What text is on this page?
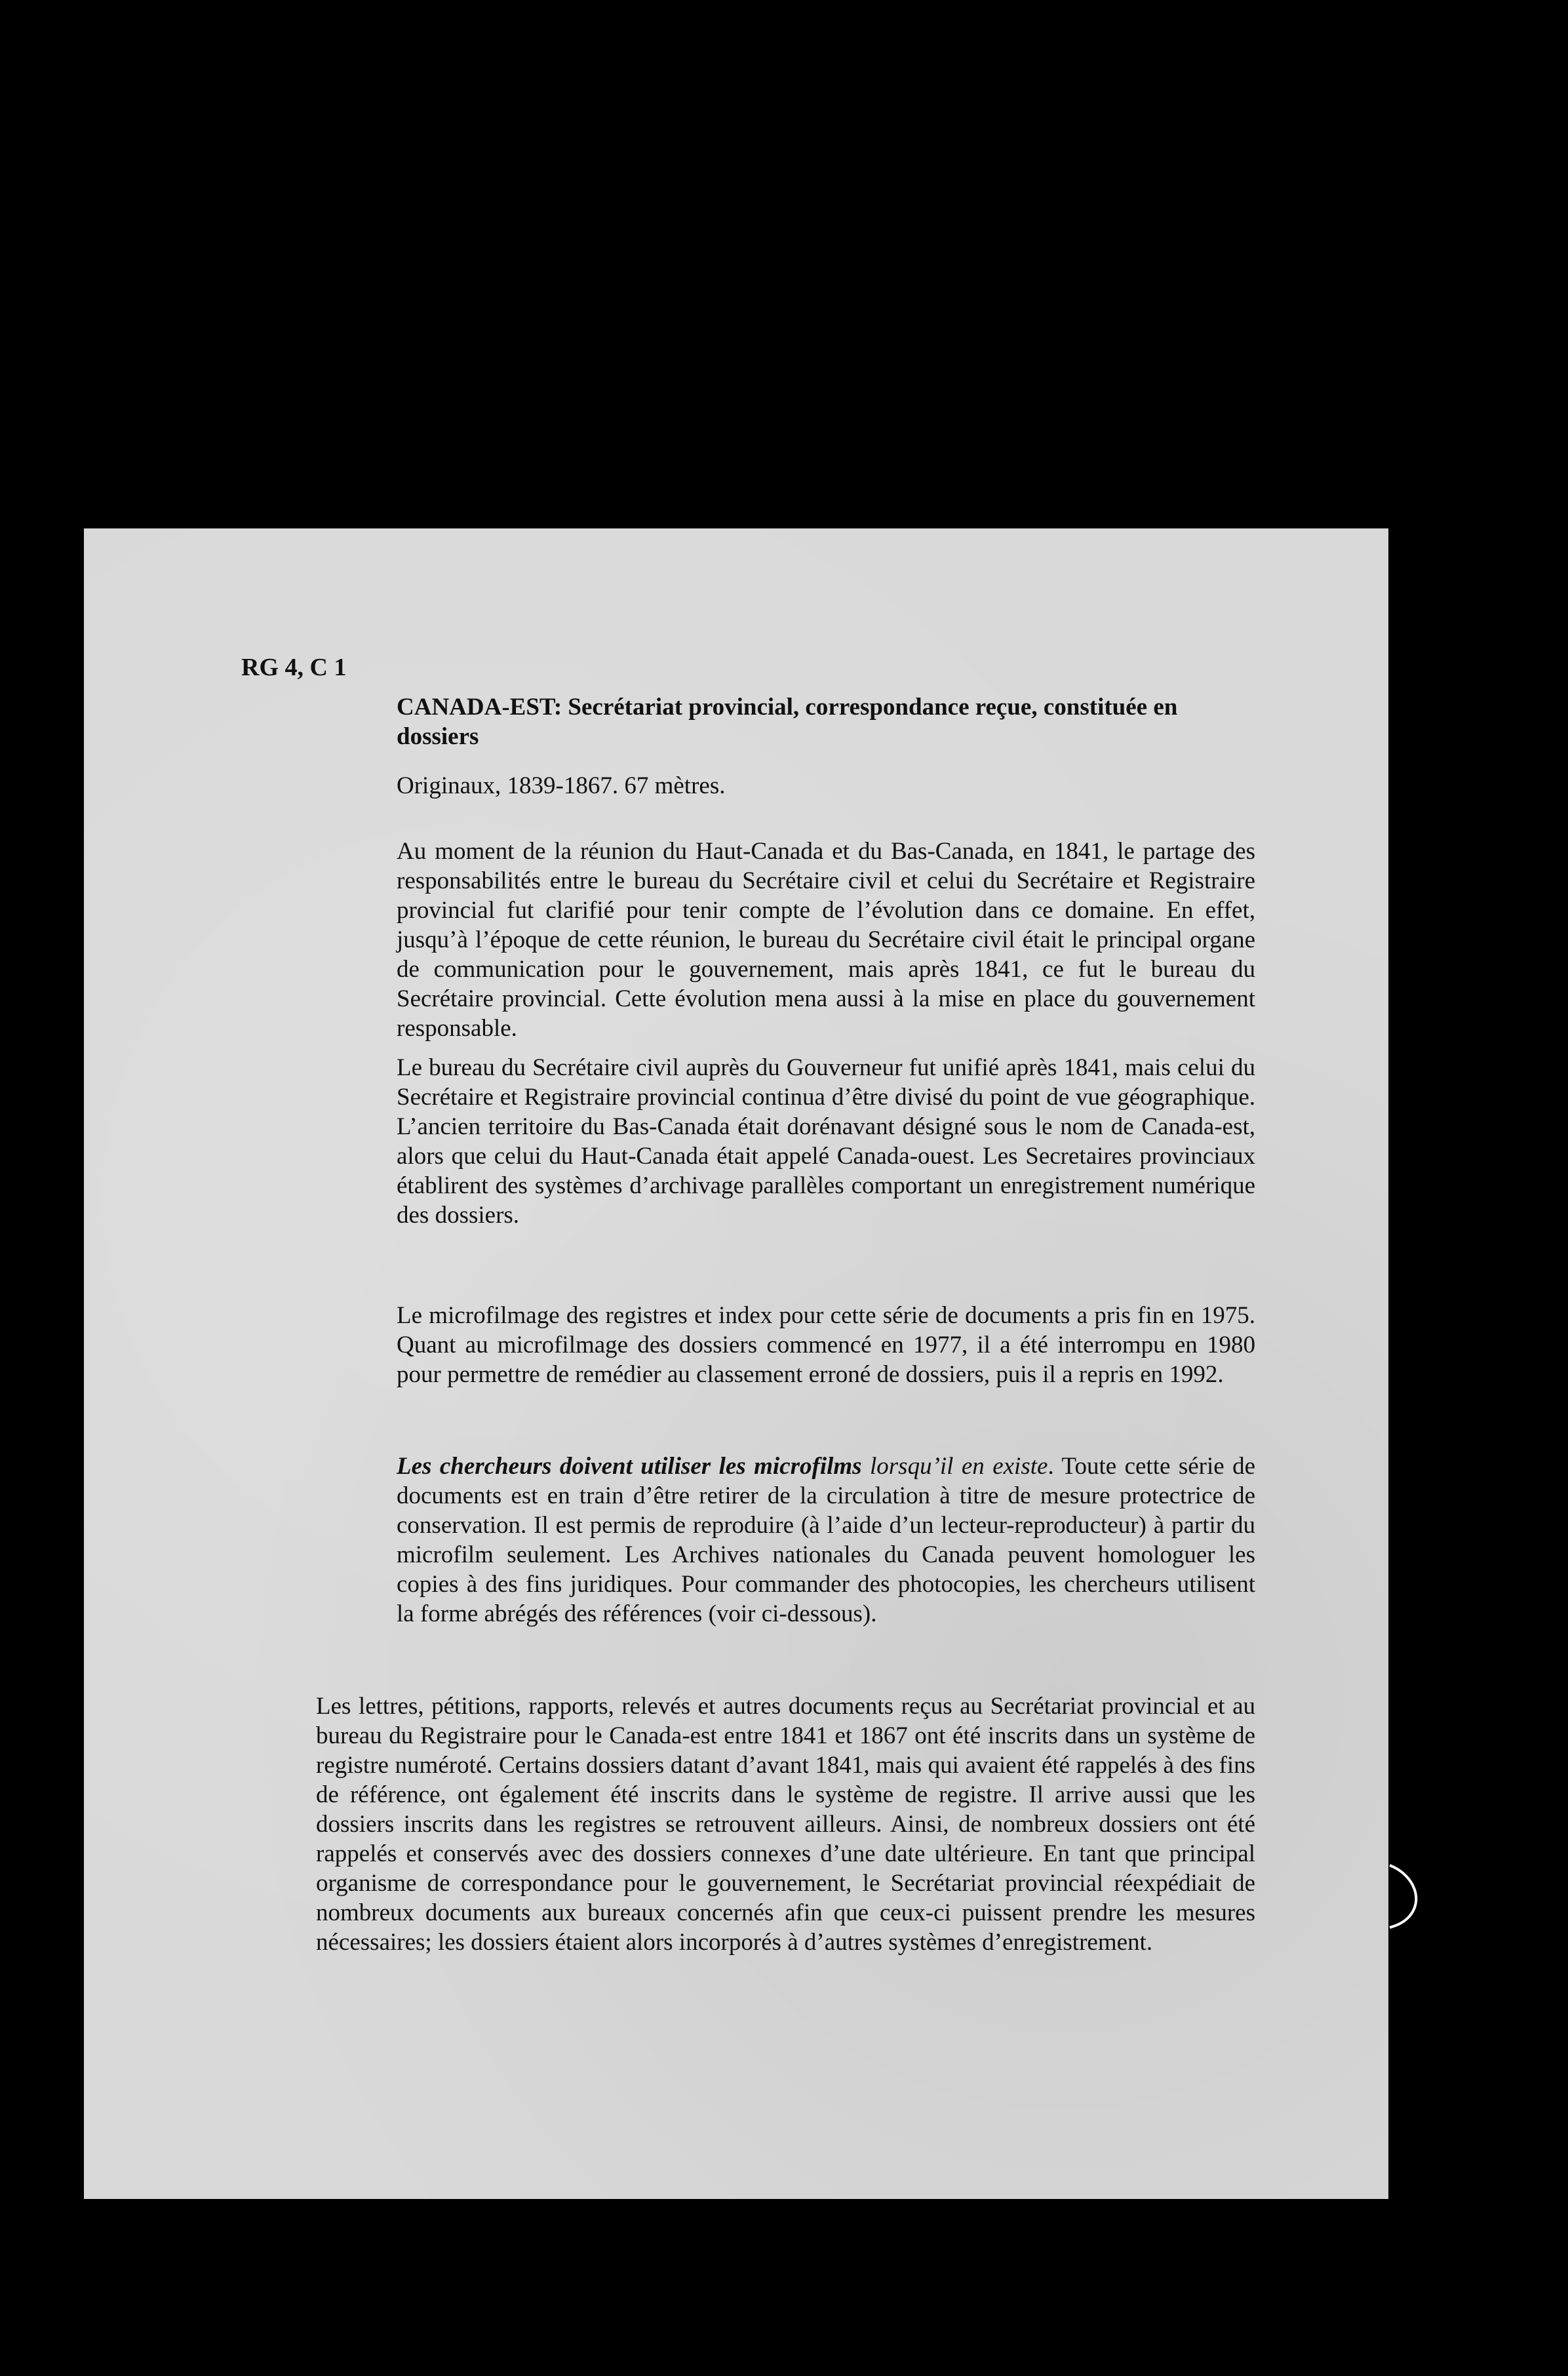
RG 4, C 1
CANADA-EST: Secrétariat provincial, correspondance reçue, constituée en dossiers
Originaux, 1839-1867. 67 mètres.
Au moment de la réunion du Haut-Canada et du Bas-Canada, en 1841, le partage des responsabilités entre le bureau du Secrétaire civil et celui du Secrétaire et Registraire provincial fut clarifié pour tenir compte de l’évolution dans ce domaine. En effet, jusqu’à l’époque de cette réunion, le bureau du Secrétaire civil était le principal organe de communication pour le gouvernement, mais après 1841, ce fut le bureau du Secrétaire provincial. Cette évolution mena aussi à la mise en place du gouvernement responsable.
Le bureau du Secrétaire civil auprès du Gouverneur fut unifié après 1841, mais celui du Secrétaire et Registraire provincial continua d’être divisé du point de vue géographique. L’ancien territoire du Bas-Canada était dorénavant désigné sous le nom de Canada-est, alors que celui du Haut-Canada était appelé Canada-ouest. Les Secretaires provinciaux établirent des systèmes d’archivage parallèles comportant un enregistrement numérique des dossiers.
Le microfilmage des registres et index pour cette série de documents a pris fin en 1975. Quant au microfilmage des dossiers commencé en 1977, il a été interrompu en 1980 pour permettre de remédier au classement erroné de dossiers, puis il a repris en 1992.
Les chercheurs doivent utiliser les microfilms lorsqu’il en existe. Toute cette série de documents est en train d’être retirer de la circulation à titre de mesure protectrice de conservation. Il est permis de reproduire (à l’aide d’un lecteur-reproducteur) à partir du microfilm seulement. Les Archives nationales du Canada peuvent homologuer les copies à des fins juridiques. Pour commander des photocopies, les chercheurs utilisent la forme abrégés des références (voir ci-dessous).
Les lettres, pétitions, rapports, relevés et autres documents reçus au Secrétariat provincial et au bureau du Registraire pour le Canada-est entre 1841 et 1867 ont été inscrits dans un système de registre numéroté. Certains dossiers datant d’avant 1841, mais qui avaient été rappelés à des fins de référence, ont également été inscrits dans le système de registre. Il arrive aussi que les dossiers inscrits dans les registres se retrouvent ailleurs. Ainsi, de nombreux dossiers ont été rappelés et conservés avec des dossiers connexes d’une date ultérieure. En tant que principal organisme de correspondance pour le gouvernement, le Secrétariat provincial réexpédiait de nombreux documents aux bureaux concernés afin que ceux-ci puissent prendre les mesures nécessaires; les dossiers étaient alors incorporés à d’autres systèmes d’enregistrement.
